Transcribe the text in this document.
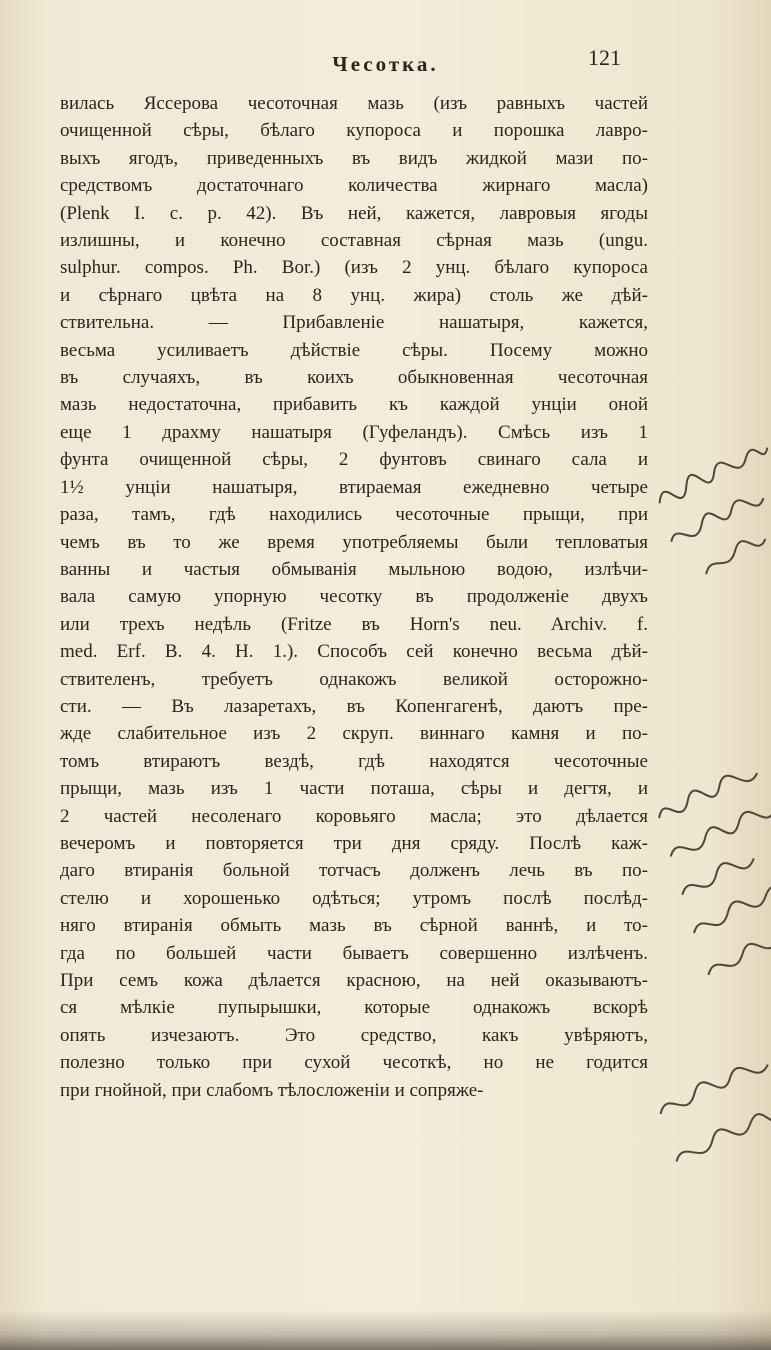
Чесотка.	121
вилась Яссерова чесоточная мазь (изъ равныхъ частей
очищенной сѣры, бѣлаго купороса и порошка лавро-
выхъ ягодъ, приведенныхъ въ видъ жидкой мази по-
средствомъ достаточнаго количества жирнаго масла)
(Plenk I. c. p. 42). Въ ней, кажется, лавровыя ягоды
излишны, и конечно составная сѣрная мазь (ungu.
sulphur. compos. Ph. Bor.) (изъ 2 унц. бѣлаго купороса
и сѣрнаго цвѣта на 8 унц. жира) столь же дѣй-
ствительна. — Прибавленіе нашатыря, кажется,
весьма усиливаетъ дѣйствіе сѣры. Посему можно
въ случаяхъ, въ коихъ обыкновенная чесоточная
мазь недостаточна, прибавить къ каждой унціи оной
еще 1 драхму нашатыря (Гуфеландъ). Смѣсь изъ 1
фунта очищенной сѣры, 2 фунтовъ свинаго сала и
1½ унціи нашатыря, втираемая ежедневно четыре
раза, тамъ, гдѣ находились чесоточные прыщи, при
чемъ въ то же время употребляемы были тепловатыя
ванны и частыя обмыванія мыльною водою, излѣчи-
вала самую упорную чесотку въ продолженіе двухъ
или трехъ недѣль (Fritze въ Horn's neu. Archiv. f.
med. Erf. B. 4. H. 1.). Способъ сей конечно весьма дѣй-
ствителенъ, требуетъ однакожъ великой осторожно-
сти. — Въ лазаретахъ, въ Копенгагенѣ, даютъ пре-
жде слабительное изъ 2 скруп. виннаго камня и по-
томъ втираютъ вездѣ, гдѣ находятся чесоточные
прыщи, мазь изъ 1 части поташа, сѣры и дегтя, и
2 частей несоленаго коровьяго масла; это дѣлается
вечеромъ и повторяется три дня сряду. Послѣ каж-
даго втиранія больной тотчасъ долженъ лечь въ по-
стелю и хорошенько одѣться; утромъ послѣ послѣд-
няго втиранія обмыть мазь въ сѣрной ваннѣ, и то-
гда по большей части бываетъ совершенно излѣченъ.
При семъ кожа дѣлается красною, на ней оказываютъ-
ся мѣлкіе пупырышки, которые однакожъ вскорѣ
опять изчезаютъ. Это средство, какъ увѣряютъ,
полезно только при сухой чесоткѣ, но не годится
при гнойной, при слабомъ тѣлосложеніи и сопряже-
